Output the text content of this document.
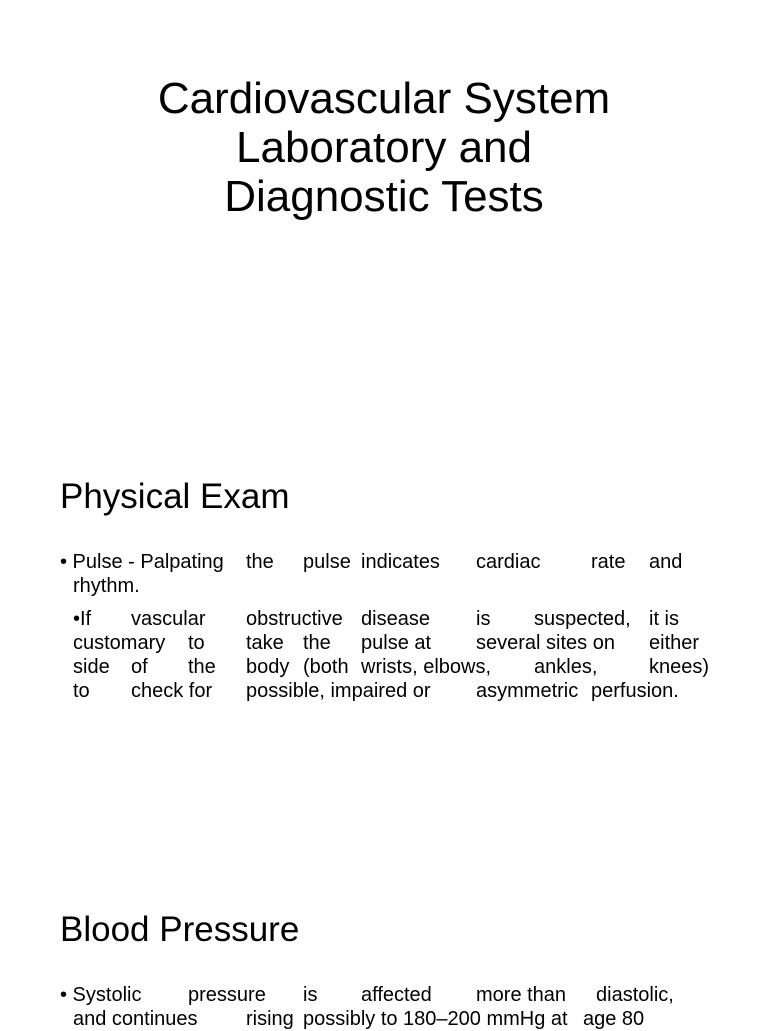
Cardiovascular System
Laboratory and
Diagnostic Tests
Physical Exam
• Pulse - Palpating the pulse indicates cardiac	rate and
rhythm.
•If vascular obstructive disease is suspected, it is
customary to take the pulse at several sites on either
side of the body (both wrists, elbows, ankles,	knees)
to check for possible, impaired or asymmetric perfusion.
Blood Pressure
• Systolic pressure is affected more than diastolic,
and continues rising possibly to 180–200 mmHg at age 80
